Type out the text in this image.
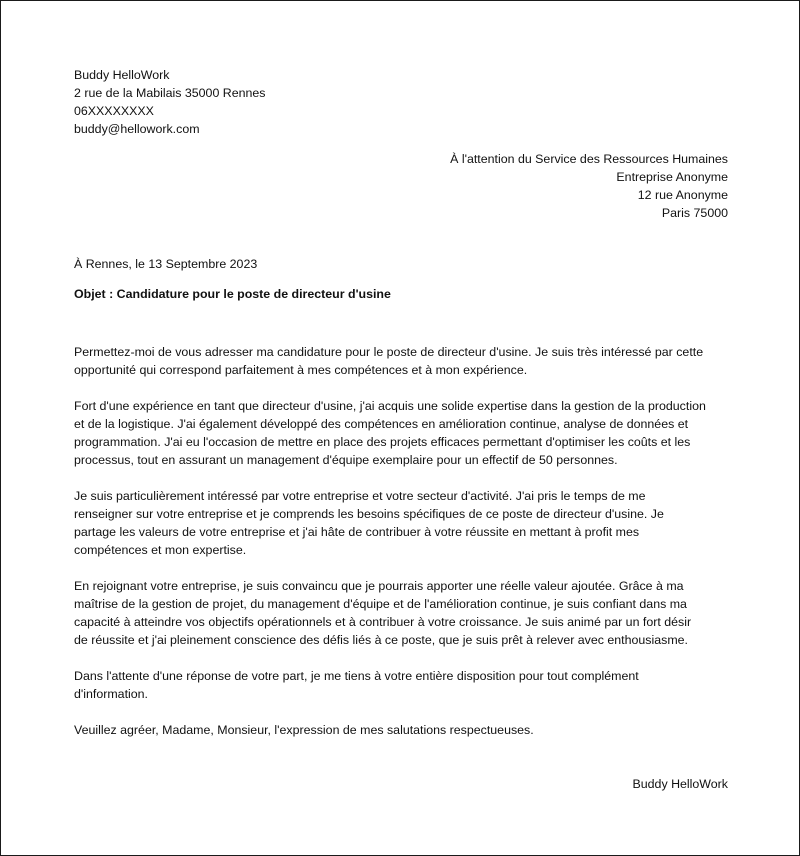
Buddy HelloWork
2 rue de la Mabilais 35000 Rennes
06XXXXXXXX
buddy@hellowork.com
À l'attention du Service des Ressources Humaines
Entreprise Anonyme
12 rue Anonyme
Paris 75000
À Rennes, le 13 Septembre 2023
Objet : Candidature pour le poste de directeur d'usine

Permettez-moi de vous adresser ma candidature pour le poste de directeur d'usine. Je suis très intéressé par cette
opportunité qui correspond parfaitement à mes compétences et à mon expérience.

Fort d'une expérience en tant que directeur d'usine, j'ai acquis une solide expertise dans la gestion de la production
et de la logistique. J'ai également développé des compétences en amélioration continue, analyse de données et
programmation. J'ai eu l'occasion de mettre en place des projets efficaces permettant d'optimiser les coûts et les
processus, tout en assurant un management d'équipe exemplaire pour un effectif de 50 personnes.

Je suis particulièrement intéressé par votre entreprise et votre secteur d'activité. J'ai pris le temps de me
renseigner sur votre entreprise et je comprends les besoins spécifiques de ce poste de directeur d'usine. Je
partage les valeurs de votre entreprise et j'ai hâte de contribuer à votre réussite en mettant à profit mes
compétences et mon expertise.

En rejoignant votre entreprise, je suis convaincu que je pourrais apporter une réelle valeur ajoutée. Grâce à ma
maîtrise de la gestion de projet, du management d'équipe et de l'amélioration continue, je suis confiant dans ma
capacité à atteindre vos objectifs opérationnels et à contribuer à votre croissance. Je suis animé par un fort désir
de réussite et j'ai pleinement conscience des défis liés à ce poste, que je suis prêt à relever avec enthousiasme.

Dans l'attente d'une réponse de votre part, je me tiens à votre entière disposition pour tout complément
d'information.

Veuillez agréer, Madame, Monsieur, l'expression de mes salutations respectueuses.

Buddy HelloWork
